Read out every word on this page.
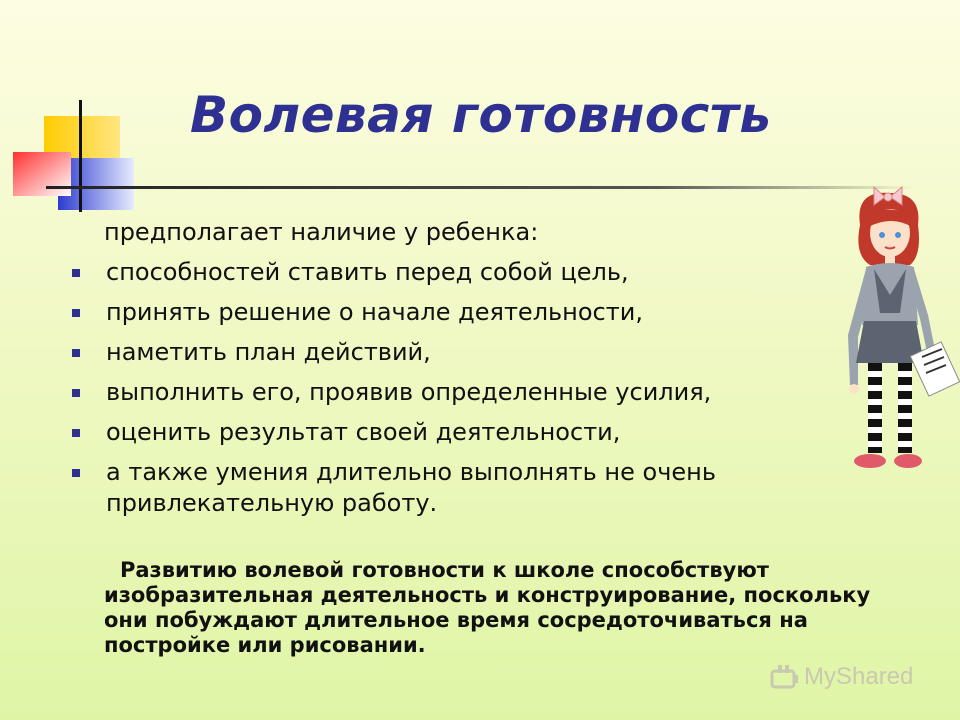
Волевая готовность

предполагает наличие у ребенка:

способностей ставить перед собой цель,
принять решение о начале деятельности,
наметить план действий,
выполнить его, проявив определенные усилия,
оценить результат своей деятельности,
а также умения длительно выполнять не очень привлекательную работу.

Развитию волевой готовности к школе способствуют изобразительная деятельность и конструирование, поскольку они побуждают длительное время сосредоточиваться на постройке или рисовании.

MyShared
